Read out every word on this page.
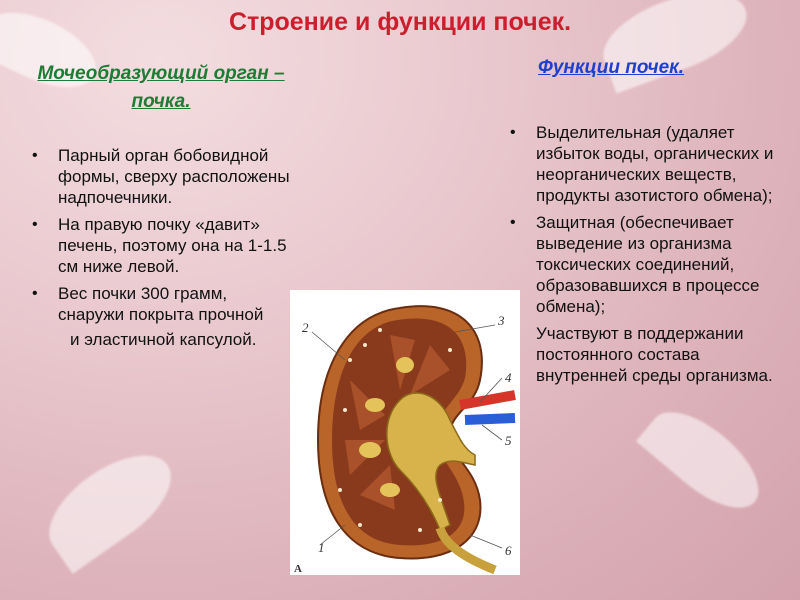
Строение и функции почек.
Мочеобразующий орган – почка.
Функции почек.
• Парный орган бобовидной формы, сверху расположены надпочечники.
• На правую почку «давит» печень, поэтому она на 1-1.5 см ниже левой.
• Вес почки 300 грамм, снаружи покрыта прочной
и эластичной капсулой.
• Выделительная (удаляет избыток воды, органических и неорганических веществ, продукты азотистого обмена);
• Защитная (обеспечивает выведение из организма токсических соединений, образовавшихся в процессе обмена);
Участвуют в поддержании постоянного состава внутренней среды организма.
1
2	3
4
5
6
А
